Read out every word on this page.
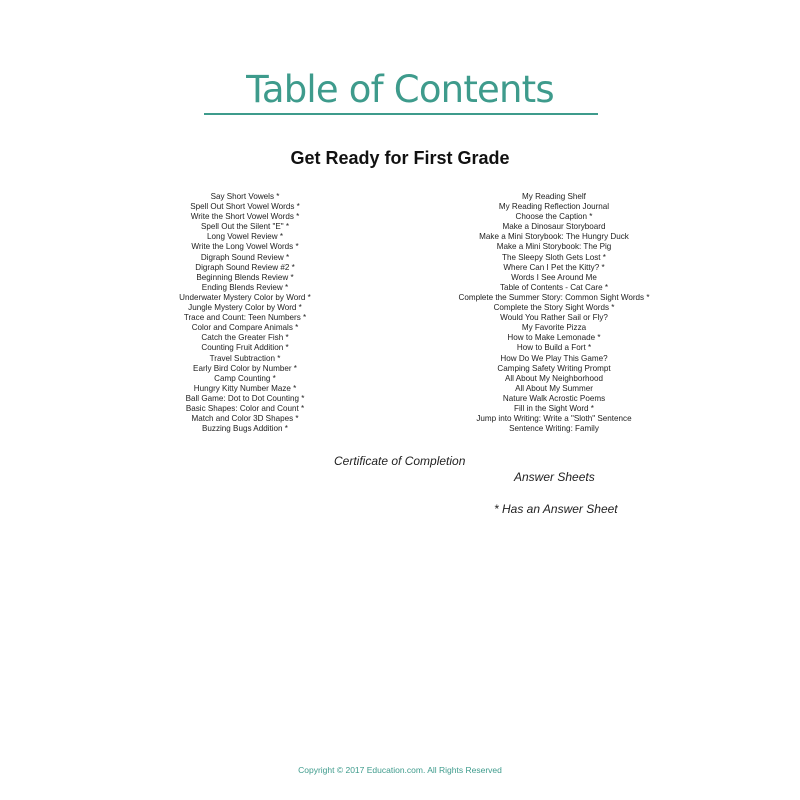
Table of Contents
Get Ready for First Grade
Say Short Vowels *
Spell Out Short Vowel Words *
Write the Short Vowel Words *
Spell Out the Silent "E" *
Long Vowel Review *
Write the Long Vowel Words *
Digraph Sound Review *
Digraph Sound Review #2 *
Beginning Blends Review *
Ending Blends Review *
Underwater Mystery Color by Word *
Jungle Mystery Color by Word *
Trace and Count: Teen Numbers *
Color and Compare Animals *
Catch the Greater Fish *
Counting Fruit Addition *
Travel Subtraction *
Early Bird Color by Number *
Camp Counting *
Hungry Kitty Number Maze *
Ball Game: Dot to Dot Counting *
Basic Shapes: Color and Count *
Match and Color 3D Shapes *
Buzzing Bugs Addition *
My Reading Shelf
My Reading Reflection Journal
Choose the Caption *
Make a Dinosaur Storyboard
Make a Mini Storybook: The Hungry Duck
Make a Mini Storybook: The Pig
The Sleepy Sloth Gets Lost *
Where Can I Pet the Kitty? *
Words I See Around Me
Table of Contents - Cat Care *
Complete the Summer Story: Common Sight Words *
Complete the Story Sight Words *
Would You Rather Sail or Fly?
My Favorite Pizza
How to Make Lemonade *
How to Build a Fort *
How Do We Play This Game?
Camping Safety Writing Prompt
All About My Neighborhood
All About My Summer
Nature Walk Acrostic Poems
Fill in the Sight Word *
Jump into Writing: Write a "Sloth" Sentence
Sentence Writing: Family
Certificate of Completion
Answer Sheets
* Has an Answer Sheet
Copyright © 2017 Education.com. All Rights Reserved
